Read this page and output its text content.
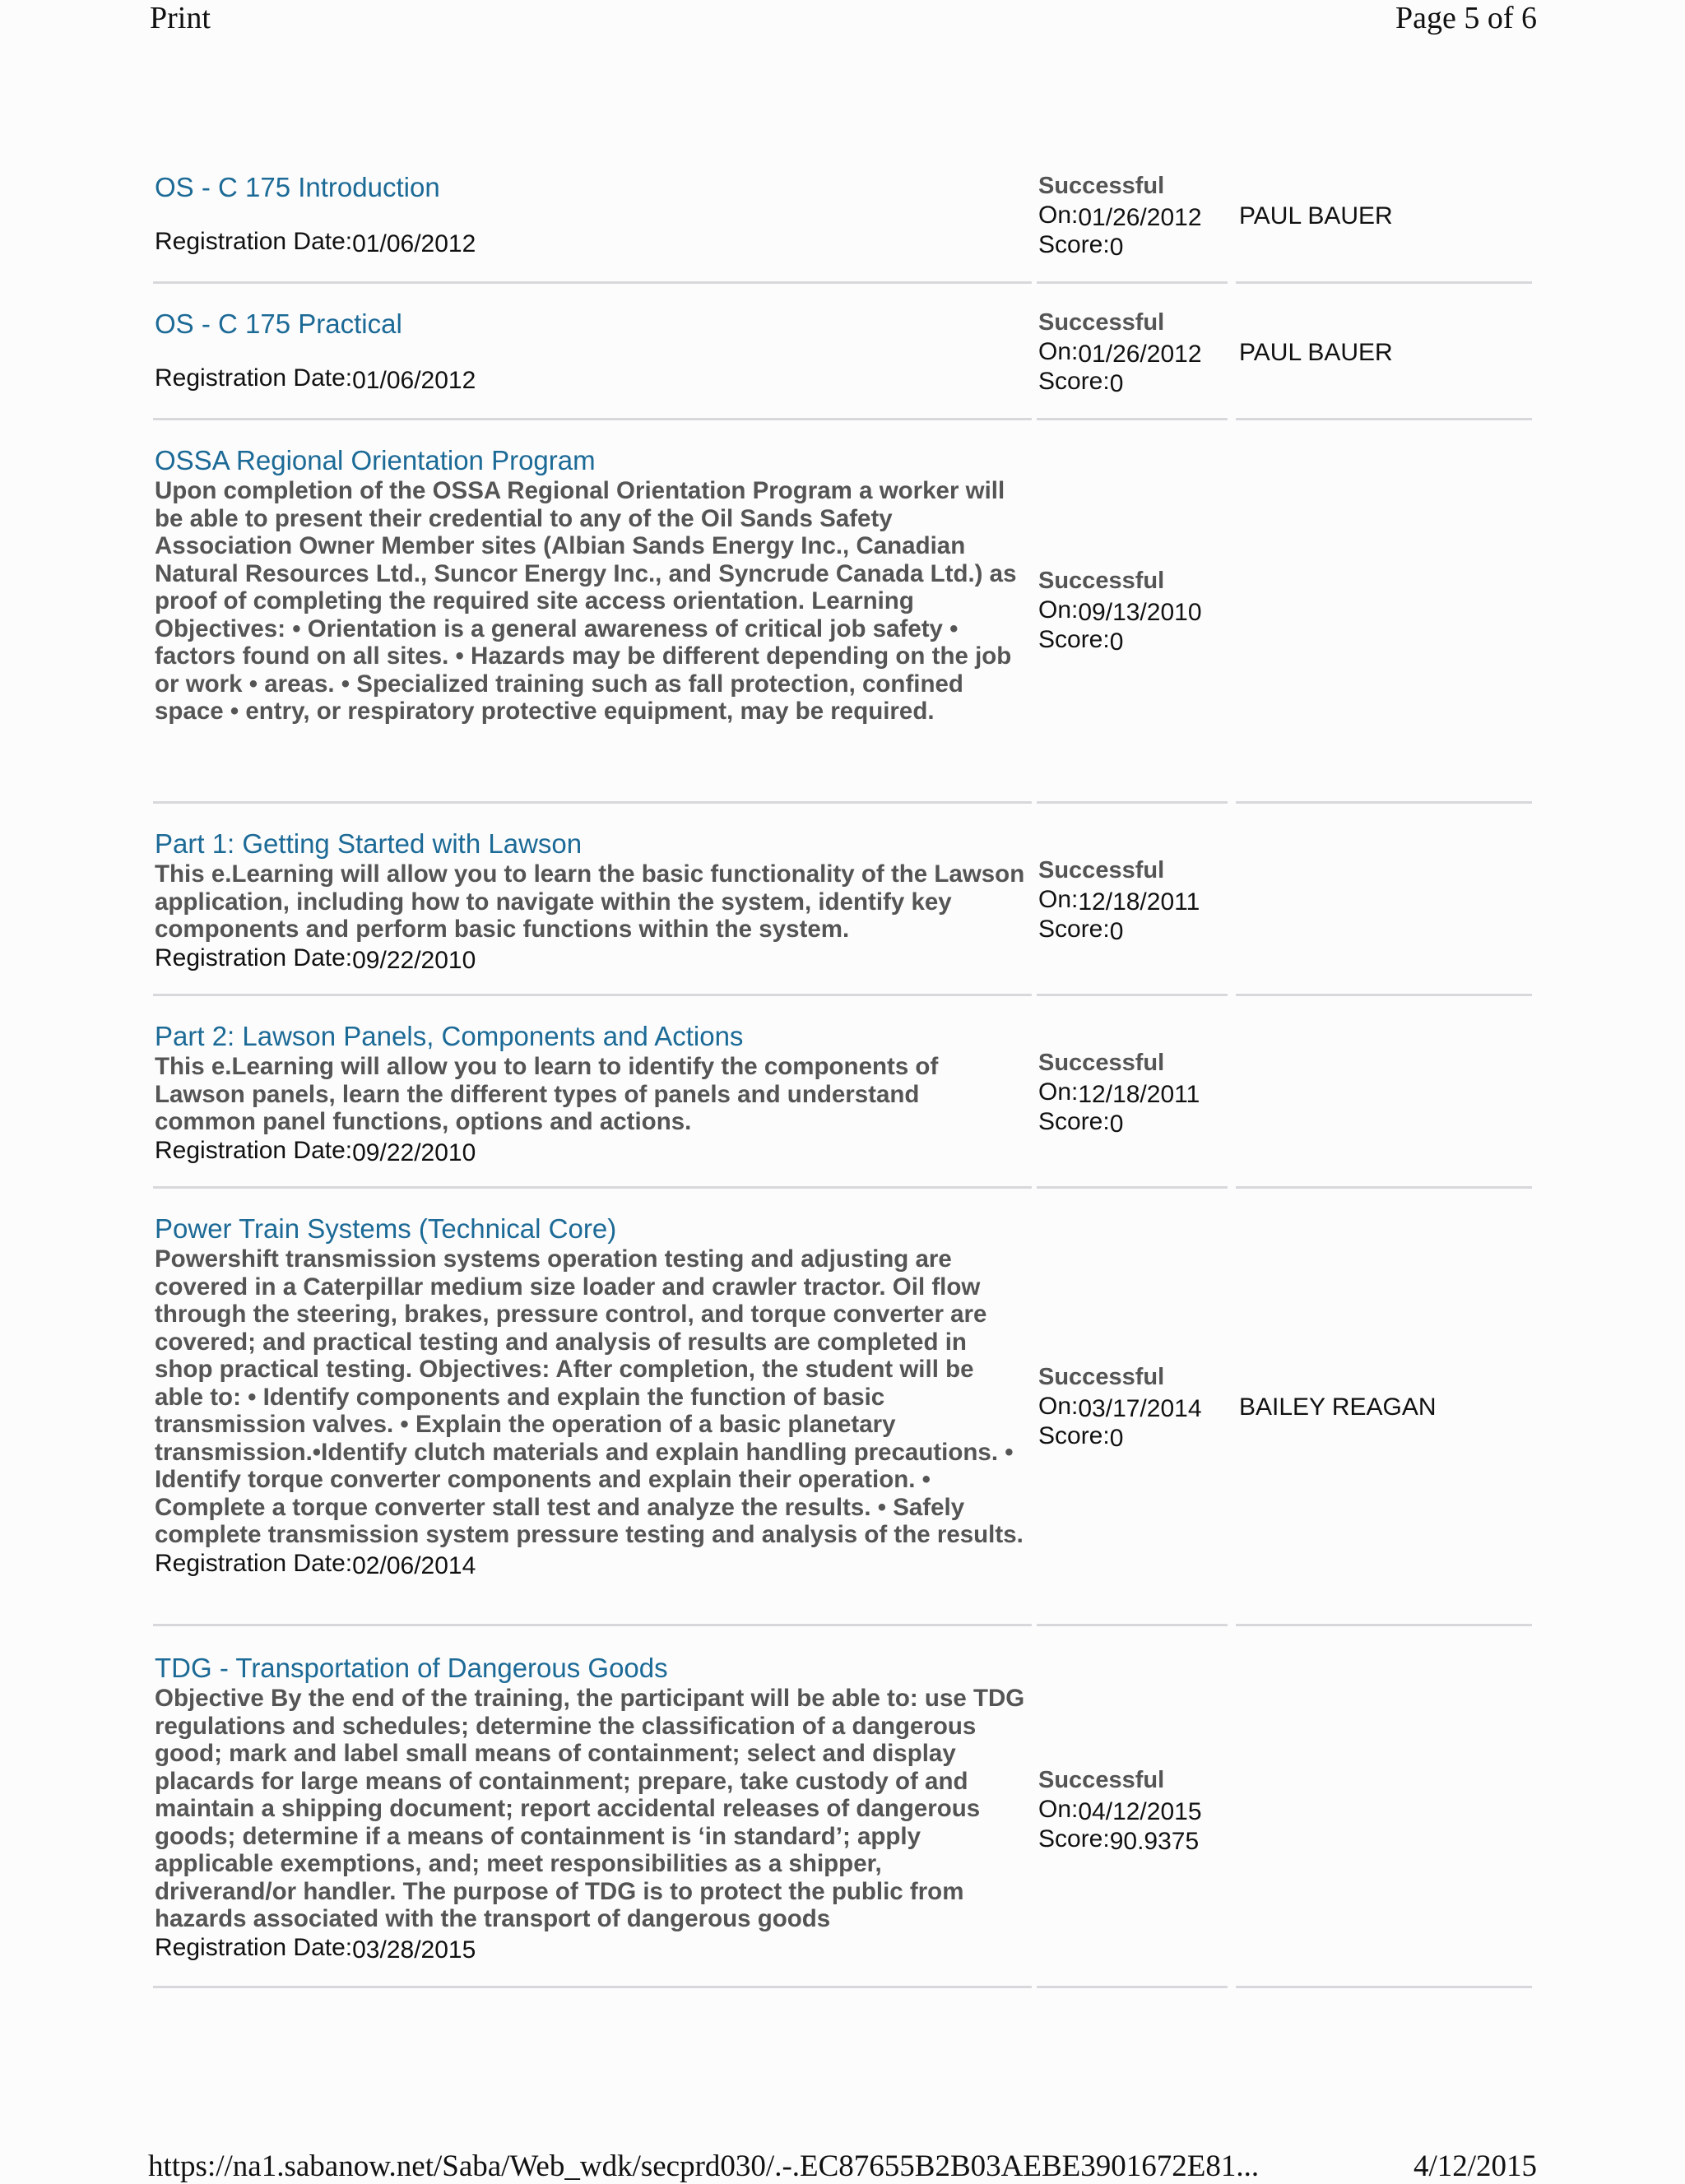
Print	Page 5 of 6
OS - C 175 Introduction
Registration Date:01/06/2012
Successful
On:01/26/2012
Score:0
PAUL BAUER
OS - C 175 Practical
Registration Date:01/06/2012
Successful
On:01/26/2012
Score:0
PAUL BAUER
OSSA Regional Orientation Program
Upon completion of the OSSA Regional Orientation Program a worker will be able to present their credential to any of the Oil Sands Safety Association Owner Member sites (Albian Sands Energy Inc., Canadian Natural Resources Ltd., Suncor Energy Inc., and Syncrude Canada Ltd.) as proof of completing the required site access orientation. Learning Objectives: • Orientation is a general awareness of critical job safety • factors found on all sites. • Hazards may be different depending on the job or work • areas. • Specialized training such as fall protection, confined space • entry, or respiratory protective equipment, may be required.
Successful
On:09/13/2010
Score:0
Part 1: Getting Started with Lawson
This e.Learning will allow you to learn the basic functionality of the Lawson application, including how to navigate within the system, identify key components and perform basic functions within the system.
Registration Date:09/22/2010
Successful
On:12/18/2011
Score:0
Part 2: Lawson Panels, Components and Actions
This e.Learning will allow you to learn to identify the components of Lawson panels, learn the different types of panels and understand common panel functions, options and actions.
Registration Date:09/22/2010
Successful
On:12/18/2011
Score:0
Power Train Systems (Technical Core)
Powershift transmission systems operation testing and adjusting are covered in a Caterpillar medium size loader and crawler tractor. Oil flow through the steering, brakes, pressure control, and torque converter are covered; and practical testing and analysis of results are completed in shop practical testing. Objectives: After completion, the student will be able to: • Identify components and explain the function of basic transmission valves. • Explain the operation of a basic planetary transmission.•Identify clutch materials and explain handling precautions. • Identify torque converter components and explain their operation. • Complete a torque converter stall test and analyze the results. • Safely complete transmission system pressure testing and analysis of the results.
Registration Date:02/06/2014
Successful
On:03/17/2014
Score:0
BAILEY REAGAN
TDG - Transportation of Dangerous Goods
Objective By the end of the training, the participant will be able to: use TDG regulations and schedules; determine the classification of a dangerous good; mark and label small means of containment; select and display placards for large means of containment; prepare, take custody of and maintain a shipping document; report accidental releases of dangerous goods; determine if a means of containment is ‘in standard’; apply applicable exemptions, and; meet responsibilities as a shipper, driverand/or handler. The purpose of TDG is to protect the public from hazards associated with the transport of dangerous goods
Registration Date:03/28/2015
Successful
On:04/12/2015
Score:90.9375
https://na1.sabanow.net/Saba/Web_wdk/secprd030/.-.EC87655B2B03AEBE3901672E81...	4/12/2015
